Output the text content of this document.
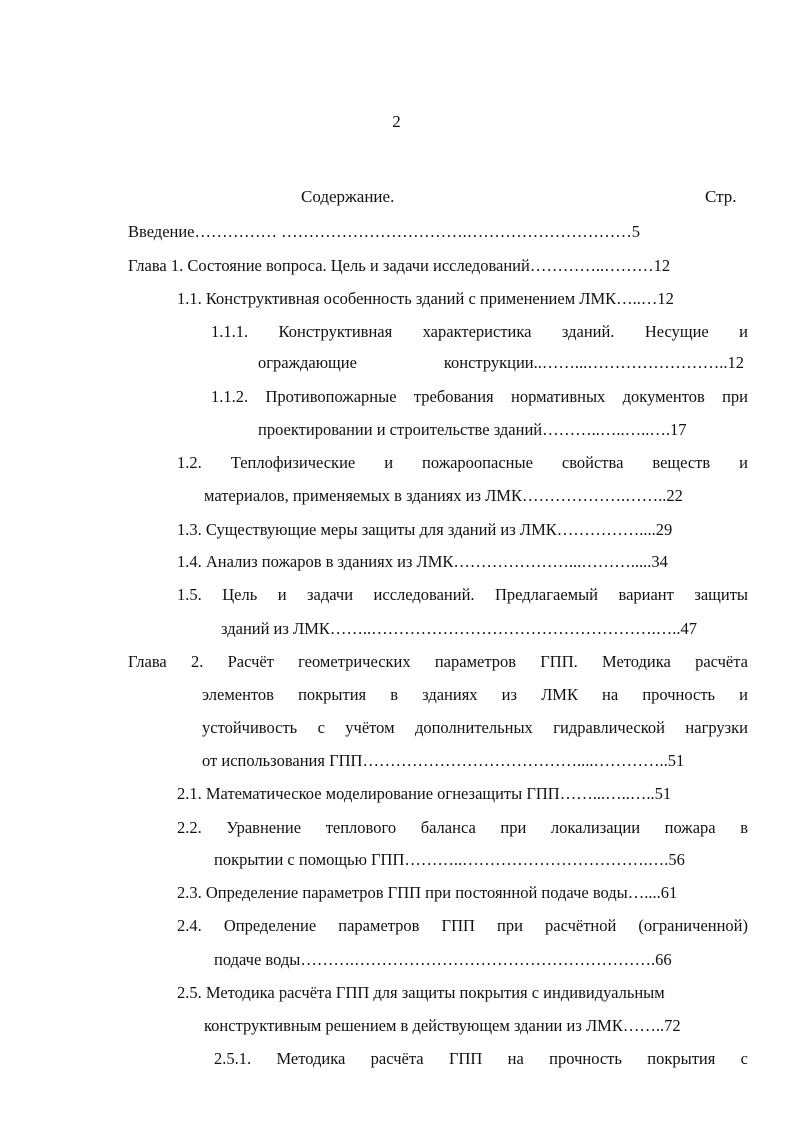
2
Содержание.	Стр.
Введение…………… …………………………….…………………………5
Глава 1. Состояние вопроса. Цель и задачи исследований…………..………12
1.1. Конструктивная особенность зданий с применением ЛМК…..…12
1.1.1. Конструктивная характеристика зданий. Несущие и
ограждающие конструкции..……...……………………..12
1.1.2. Противопожарные требования нормативных документов при
проектировании и строительстве зданий………..…..…..….17
1.2. Теплофизические и пожароопасные свойства веществ и
материалов, применяемых в зданиях из ЛМК……………….……..22
1.3. Существующие меры защиты для зданий из ЛМК……………....29
1.4. Анализ пожаров в зданиях из ЛМК…………………...……….....34
1.5. Цель и задачи исследований. Предлагаемый вариант защиты
зданий из ЛМК……..…………………………………………….…..47
Глава 2. Расчёт геометрических параметров ГПП. Методика расчёта
элементов покрытия в зданиях из ЛМК на прочность и
устойчивость с учётом дополнительных гидравлической нагрузки
от использования ГПП…………………………………....…………..51
2.1. Математическое моделирование огнезащиты ГПП……...…..…..51
2.2. Уравнение теплового баланса при локализации пожара в
покрытии с помощью ГПП………..…………………………….….56
2.3. Определение параметров ГПП при постоянной подаче воды…....61
2.4. Определение параметров ГПП при расчётной (ограниченной)
подаче воды……….……………………………………………….66
2.5. Методика расчёта ГПП для защиты покрытия с индивидуальным
конструктивным решением в действующем здании из ЛМК……..72
2.5.1. Методика расчёта ГПП на прочность покрытия с
